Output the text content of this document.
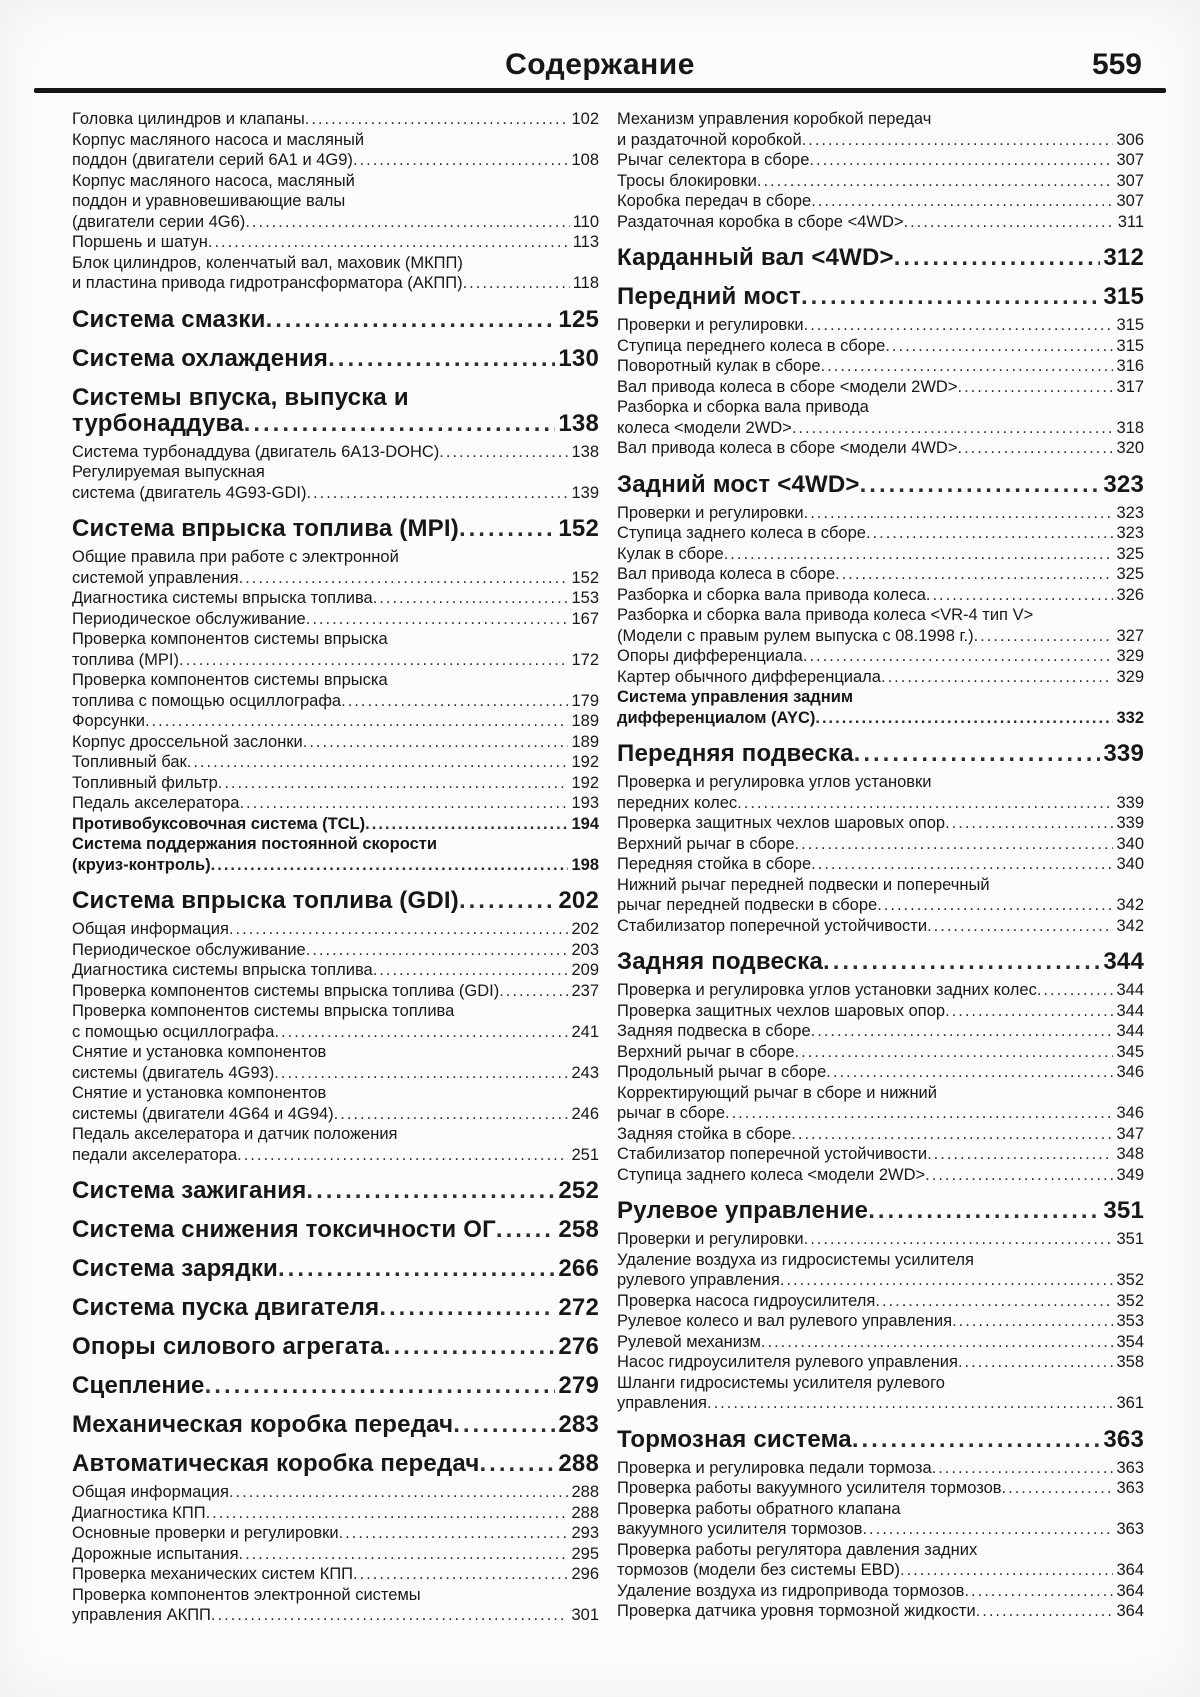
Содержание	559
Головка цилиндров и клапаны .....	102
Корпус масляного насоса и масляный
поддон (двигатели серий 6А1 и 4G9) .....	108
Корпус масляного насоса, масляный
поддон и уравновешивающие валы
(двигатели серии 4G6) .....	110
Поршень и шатун .....	113
Блок цилиндров, коленчатый вал, маховик (МКПП)
и пластина привода гидротрансформатора (АКПП) .....	118
Система смазки .....	125
Система охлаждения .....	130
Системы впуска, выпуска и
турбонаддува .....	138
Система турбонаддува (двигатель 6А13-DOHC) .....	138
Регулируемая выпускная
система (двигатель 4G93-GDI) .....	139
Система впрыска топлива (MPI) .....	152
Общие правила при работе с электронной
системой управления .....	152
Диагностика системы впрыска топлива .....	153
Периодическое обслуживание .....	167
Проверка компонентов системы впрыска
топлива (MPI) .....	172
Проверка компонентов системы впрыска
топлива с помощью осциллографа .....	179
Форсунки .....	189
Корпус дроссельной заслонки .....	189
Топливный бак .....	192
Топливный фильтр .....	192
Педаль акселератора .....	193
Противобуксовочная система (TCL) .....	194
Система поддержания постоянной скорости
(круиз-контроль) .....	198
Система впрыска топлива (GDI) .....	202
Общая информация .....	202
Периодическое обслуживание .....	203
Диагностика системы впрыска топлива .....	209
Проверка компонентов системы впрыска топлива (GDI) .....	237
Проверка компонентов системы впрыска топлива
с помощью осциллографа .....	241
Снятие и установка компонентов
системы (двигатель 4G93) .....	243
Снятие и установка компонентов
системы (двигатели 4G64 и 4G94) .....	246
Педаль акселератора и датчик положения
педали акселератора .....	251
Система зажигания .....	252
Система снижения токсичности ОГ .....	258
Система зарядки .....	266
Система пуска двигателя .....	272
Опоры силового агрегата .....	276
Сцепление .....	279
Механическая коробка передач .....	283
Автоматическая коробка передач .....	288
Общая информация .....	288
Диагностика КПП .....	288
Основные проверки и регулировки .....	293
Дорожные испытания .....	295
Проверка механических систем КПП .....	296
Проверка компонентов электронной системы
управления АКПП .....	301
Механизм управления коробкой передач
и раздаточной коробкой .....	306
Рычаг селектора в сборе .....	307
Тросы блокировки .....	307
Коробка передач в сборе .....	307
Раздаточная коробка в сборе <4WD> .....	311
Карданный вал <4WD> .....	312
Передний мост .....	315
Проверки и регулировки .....	315
Ступица переднего колеса в сборе .....	315
Поворотный кулак в сборе .....	316
Вал привода колеса в сборе <модели 2WD> .....	317
Разборка и сборка вала привода
колеса <модели 2WD> .....	318
Вал привода колеса в сборе <модели 4WD> .....	320
Задний мост <4WD> .....	323
Проверки и регулировки .....	323
Ступица заднего колеса в сборе .....	323
Кулак в сборе .....	325
Вал привода колеса в сборе .....	325
Разборка и сборка вала привода колеса .....	326
Разборка и сборка вала привода колеса <VR-4 тип V>
(Модели с правым рулем выпуска с 08.1998 г.) .....	327
Опоры дифференциала .....	329
Картер обычного дифференциала .....	329
Система управления задним
дифференциалом (AYC) .....	332
Передняя подвеска .....	339
Проверка и регулировка углов установки
передних колес .....	339
Проверка защитных чехлов шаровых опор .....	339
Верхний рычаг в сборе .....	340
Передняя стойка в сборе .....	340
Нижний рычаг передней подвески и поперечный
рычаг передней подвески в сборе .....	342
Стабилизатор поперечной устойчивости .....	342
Задняя подвеска .....	344
Проверка и регулировка углов установки задних колес .....	344
Проверка защитных чехлов шаровых опор .....	344
Задняя подвеска в сборе .....	344
Верхний рычаг в сборе .....	345
Продольный рычаг в сборе .....	346
Корректирующий рычаг в сборе и нижний
рычаг в сборе .....	346
Задняя стойка в сборе .....	347
Стабилизатор поперечной устойчивости .....	348
Ступица заднего колеса <модели 2WD> .....	349
Рулевое управление .....	351
Проверки и регулировки .....	351
Удаление воздуха из гидросистемы усилителя
рулевого управления .....	352
Проверка насоса гидроусилителя .....	352
Рулевое колесо и вал рулевого управления .....	353
Рулевой механизм .....	354
Насос гидроусилителя рулевого управления .....	358
Шланги гидросистемы усилителя рулевого
управления .....	361
Тормозная система .....	363
Проверка и регулировка педали тормоза .....	363
Проверка работы вакуумного усилителя тормозов .....	363
Проверка работы обратного клапана
вакуумного усилителя тормозов .....	363
Проверка работы регулятора давления задних
тормозов (модели без системы EBD) .....	364
Удаление воздуха из гидропривода тормозов .....	364
Проверка датчика уровня тормозной жидкости .....	364
